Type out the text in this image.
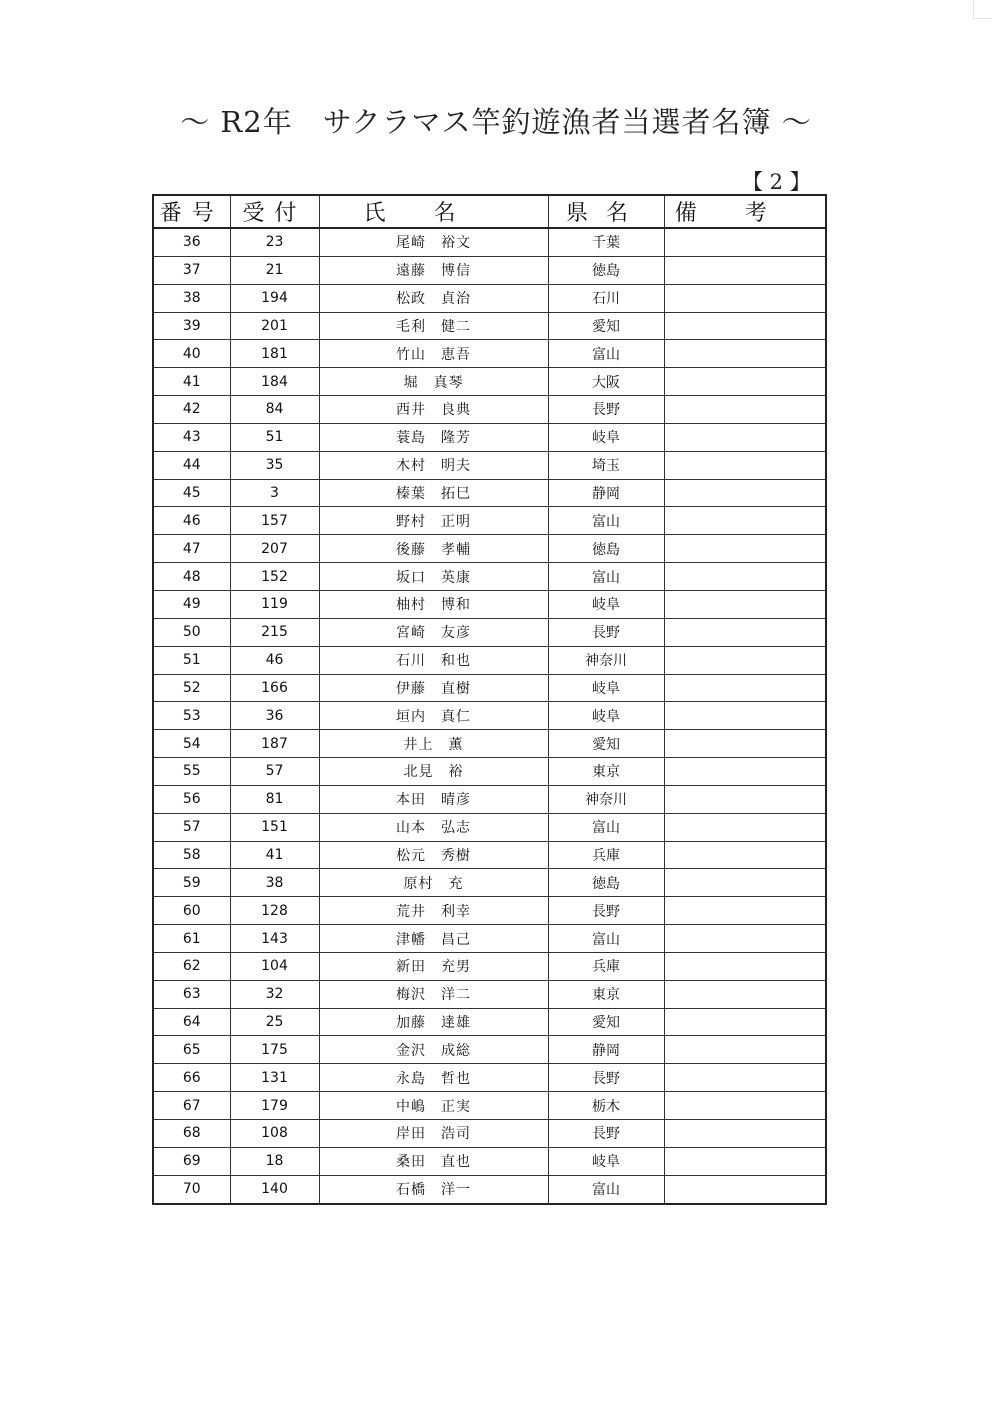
～ R2年　サクラマス竿釣遊漁者当選者名簿 ～
【 2 】
番号	受付	氏名	県名	備考
36	23	尾崎　裕文	千葉	
37	21	遠藤　博信	徳島	
38	194	松政　貞治	石川	
39	201	毛利　健二	愛知	
40	181	竹山　恵吾	富山	
41	184	堀　真琴	大阪	
42	84	西井　良典	長野	
43	51	蓑島　隆芳	岐阜	
44	35	木村　明夫	埼玉	
45	3	榛葉　拓巳	静岡	
46	157	野村　正明	富山	
47	207	後藤　孝輔	徳島	
48	152	坂口　英康	富山	
49	119	柚村　博和	岐阜	
50	215	宮崎　友彦	長野	
51	46	石川　和也	神奈川	
52	166	伊藤　直樹	岐阜	
53	36	垣内　真仁	岐阜	
54	187	井上　薫	愛知	
55	57	北見　裕	東京	
56	81	本田　晴彦	神奈川	
57	151	山本　弘志	富山	
58	41	松元　秀樹	兵庫	
59	38	原村　充	徳島	
60	128	荒井　利幸	長野	
61	143	津幡　昌己	富山	
62	104	新田　充男	兵庫	
63	32	梅沢　洋二	東京	
64	25	加藤　達雄	愛知	
65	175	金沢　成総	静岡	
66	131	永島　哲也	長野	
67	179	中嶋　正実	栃木	
68	108	岸田　浩司	長野	
69	18	桑田　直也	岐阜	
70	140	石橋　洋一	富山	
